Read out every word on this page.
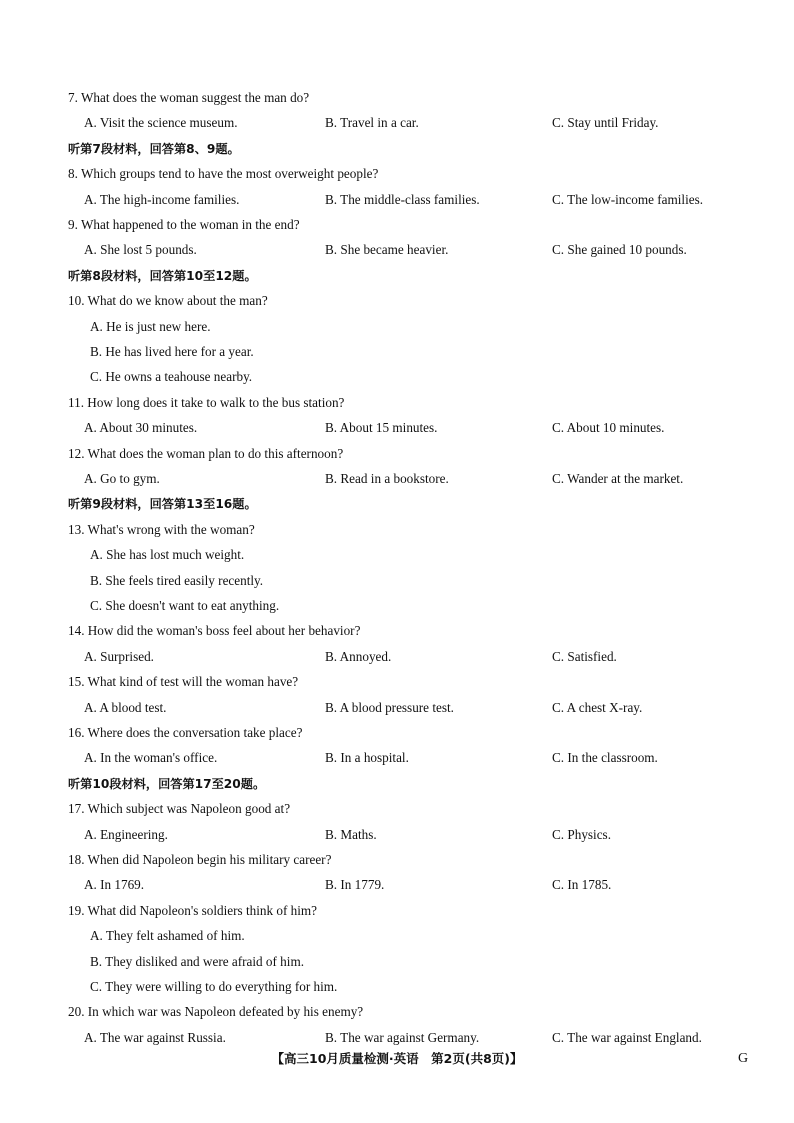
7. What does the woman suggest the man do?
A. Visit the science museum.	B. Travel in a car.	C. Stay until Friday.
听第7段材料，回答第8、9题。
8. Which groups tend to have the most overweight people?
A. The high-income families.	B. The middle-class families.	C. The low-income families.
9. What happened to the woman in the end?
A. She lost 5 pounds.	B. She became heavier.	C. She gained 10 pounds.
听第8段材料，回答第10至12题。
10. What do we know about the man?
A. He is just new here.
B. He has lived here for a year.
C. He owns a teahouse nearby.
11. How long does it take to walk to the bus station?
A. About 30 minutes.	B. About 15 minutes.	C. About 10 minutes.
12. What does the woman plan to do this afternoon?
A. Go to gym.	B. Read in a bookstore.	C. Wander at the market.
听第9段材料，回答第13至16题。
13. What's wrong with the woman?
A. She has lost much weight.
B. She feels tired easily recently.
C. She doesn't want to eat anything.
14. How did the woman's boss feel about her behavior?
A. Surprised.	B. Annoyed.	C. Satisfied.
15. What kind of test will the woman have?
A. A blood test.	B. A blood pressure test.	C. A chest X-ray.
16. Where does the conversation take place?
A. In the woman's office.	B. In a hospital.	C. In the classroom.
听第10段材料，回答第17至20题。
17. Which subject was Napoleon good at?
A. Engineering.	B. Maths.	C. Physics.
18. When did Napoleon begin his military career?
A. In 1769.	B. In 1779.	C. In 1785.
19. What did Napoleon's soldiers think of him?
A. They felt ashamed of him.
B. They disliked and were afraid of him.
C. They were willing to do everything for him.
20. In which war was Napoleon defeated by his enemy?
A. The war against Russia.	B. The war against Germany.	C. The war against England.
【高三10月质量检测·英语　第2页(共8页)】	G
